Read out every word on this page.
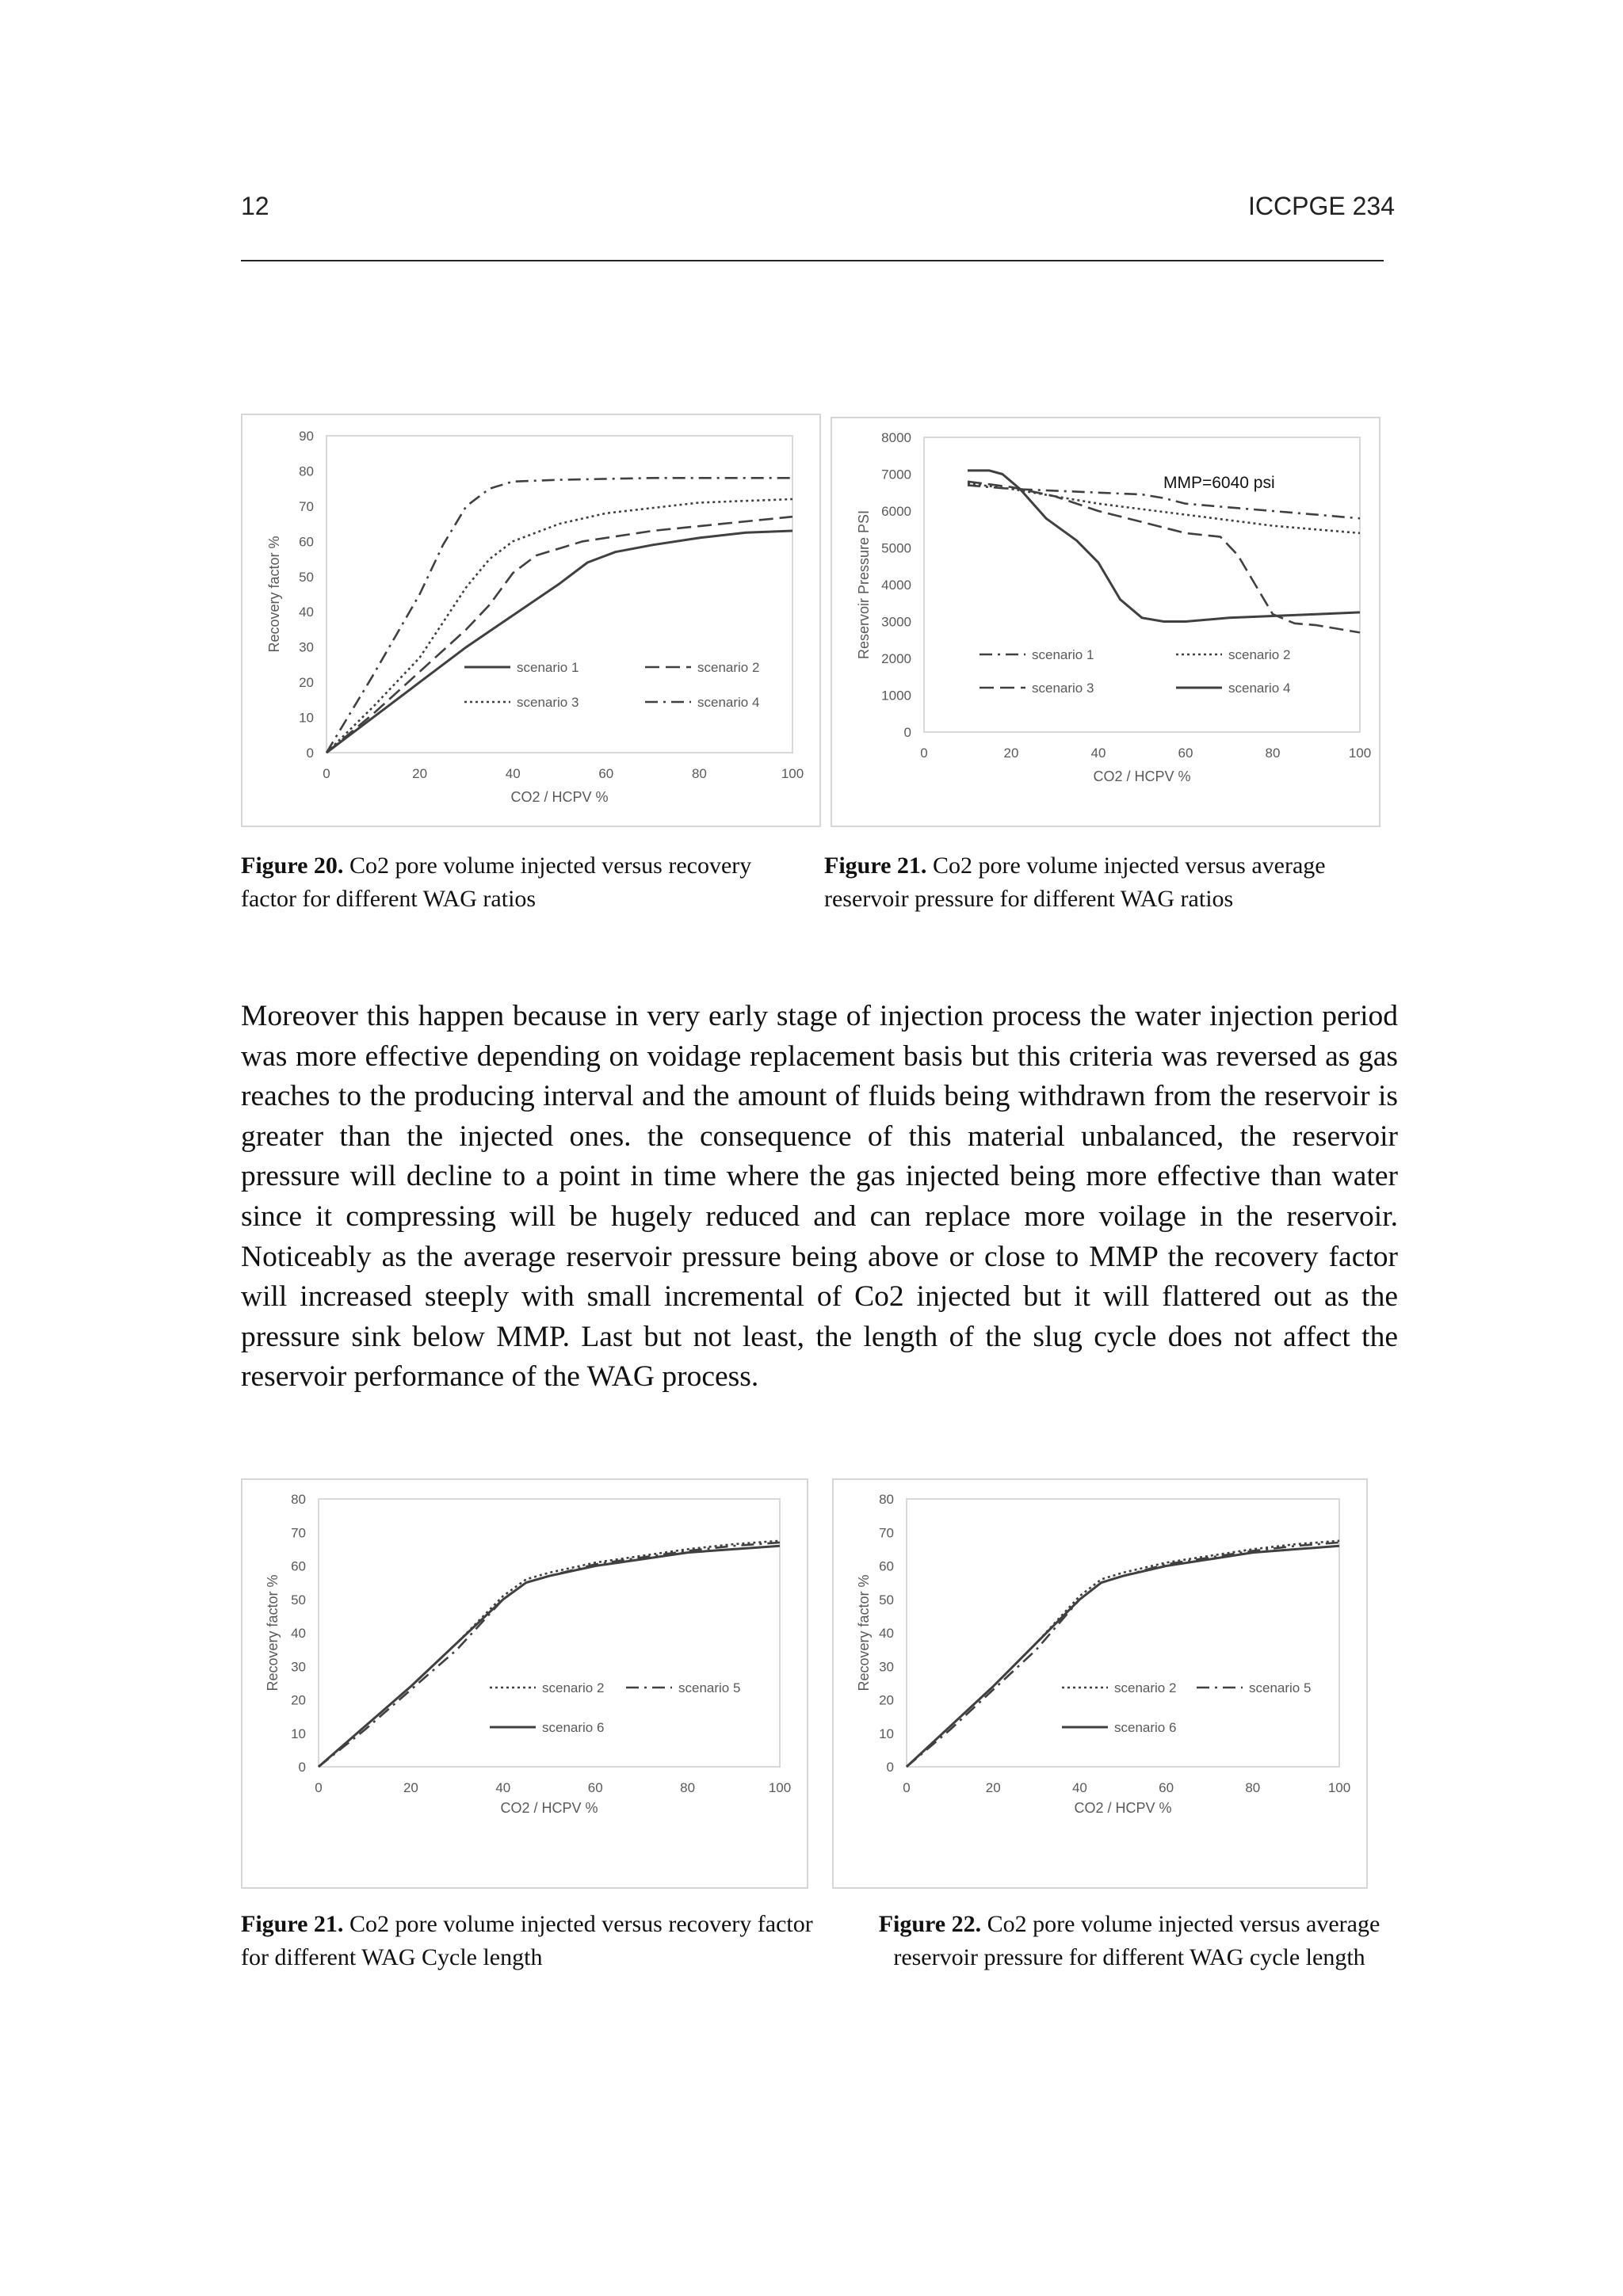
12	ICCPGE 234
0
10
20
30
40
50
60
70
80
90
0	20	40	60	80	100
Recovery factor %
CO2 / HCPV %
scenario 1	scenario 2
scenario 3	scenario 4
Figure 20. Co2 pore volume injected versus recovery factor for different WAG ratios
0
1000
2000
3000
4000
5000
6000
7000
8000
0	20	40	60	80	100
Reservoir Pressure PSI
CO2 / HCPV %
scenario 1	scenario 2
scenario 3	scenario 4
MMP=6040 psi
Figure 21. Co2 pore volume injected versus average reservoir pressure for different WAG ratios
Moreover this happen because in very early stage of injection process the water injection period was more effective depending on voidage replacement basis but this criteria was reversed as gas reaches to the producing interval and the amount of fluids being withdrawn from the reservoir is greater than the injected ones. the consequence of this material unbalanced, the reservoir pressure will decline to a point in time where the gas injected being more effective than water since it compressing will be hugely reduced and can replace more voilage in the reservoir. Noticeably as the average reservoir pressure being above or close to MMP the recovery factor will increased steeply with small incremental of Co2 injected but it will flattered out as the pressure sink below MMP. Last but not least, the length of the slug cycle does not affect the reservoir performance of the WAG process.
0
10
20
30
40
50
60
70
80
0	20	40	60	80	100
Recovery factor %
CO2 / HCPV %
scenario 2	scenario 5
scenario 6
Figure 21. Co2 pore volume injected versus recovery factor for different WAG Cycle length
0
10
20
30
40
50
60
70
80
0	20	40	60	80	100
Recovery factor %
CO2 / HCPV %
scenario 2	scenario 5
scenario 6
Figure 22. Co2 pore volume injected versus average reservoir pressure for different WAG cycle length
